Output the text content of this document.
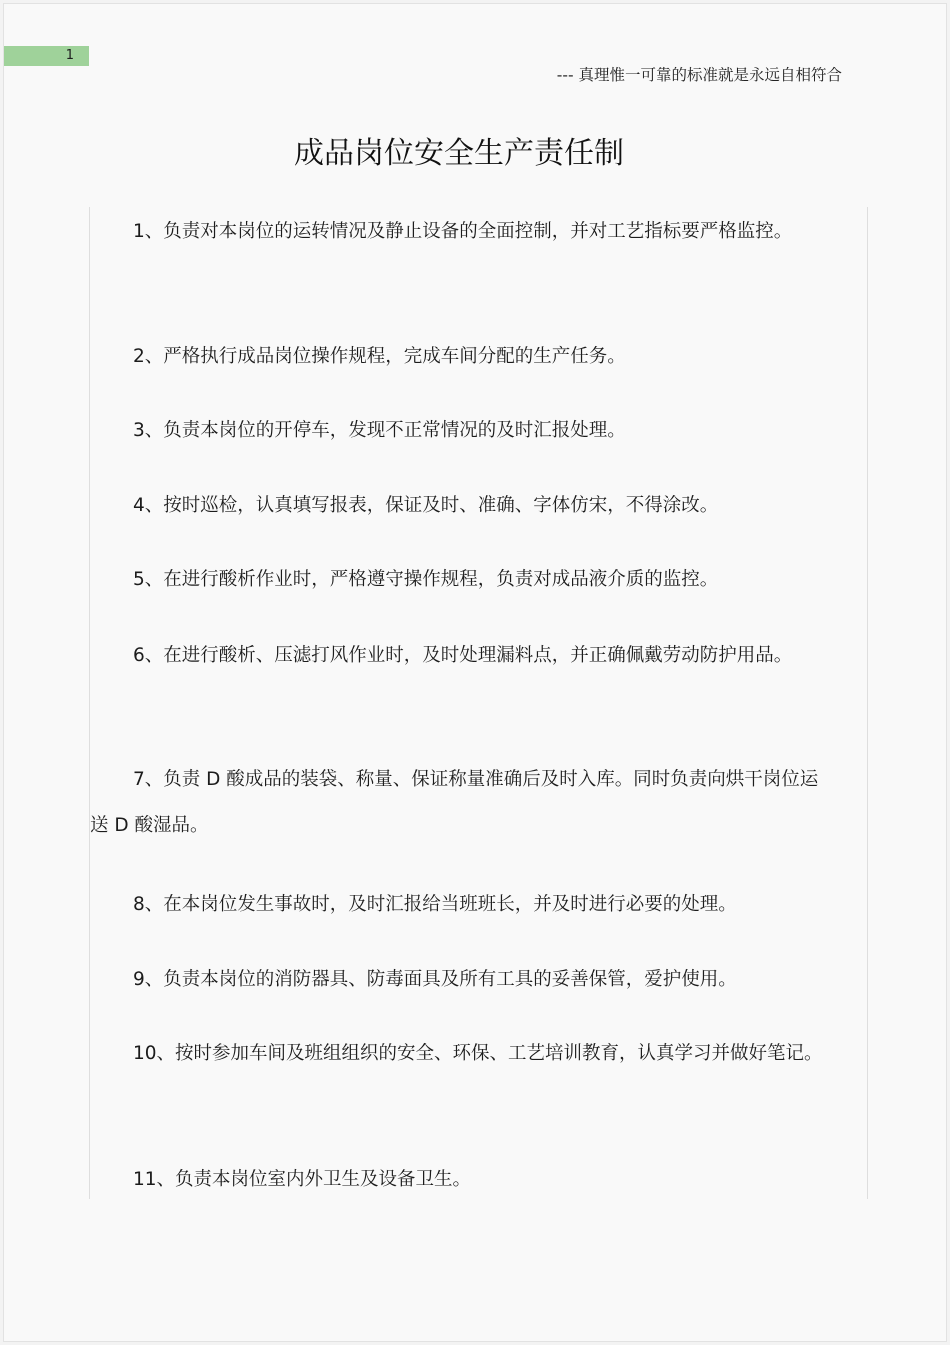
1
--- 真理惟一可靠的标准就是永远自相符合
成品岗位安全生产责任制

1、负责对本岗位的运转情况及静止设备的全面控制，并对工艺指标要严格监控。

2、严格执行成品岗位操作规程，完成车间分配的生产任务。

3、负责本岗位的开停车，发现不正常情况的及时汇报处理。

4、按时巡检，认真填写报表，保证及时、准确、字体仿宋，不得涂改。

5、在进行酸析作业时，严格遵守操作规程，负责对成品液介质的监控。

6、在进行酸析、压滤打风作业时，及时处理漏料点，并正确佩戴劳动防护用品。

7、负责 D 酸成品的装袋、称量、保证称量准确后及时入库。同时负责向烘干岗位运送 D 酸湿品。

8、在本岗位发生事故时，及时汇报给当班班长，并及时进行必要的处理。

9、负责本岗位的消防器具、防毒面具及所有工具的妥善保管，爱护使用。

10、按时参加车间及班组组织的安全、环保、工艺培训教育，认真学习并做好笔记。

11、负责本岗位室内外卫生及设备卫生。
